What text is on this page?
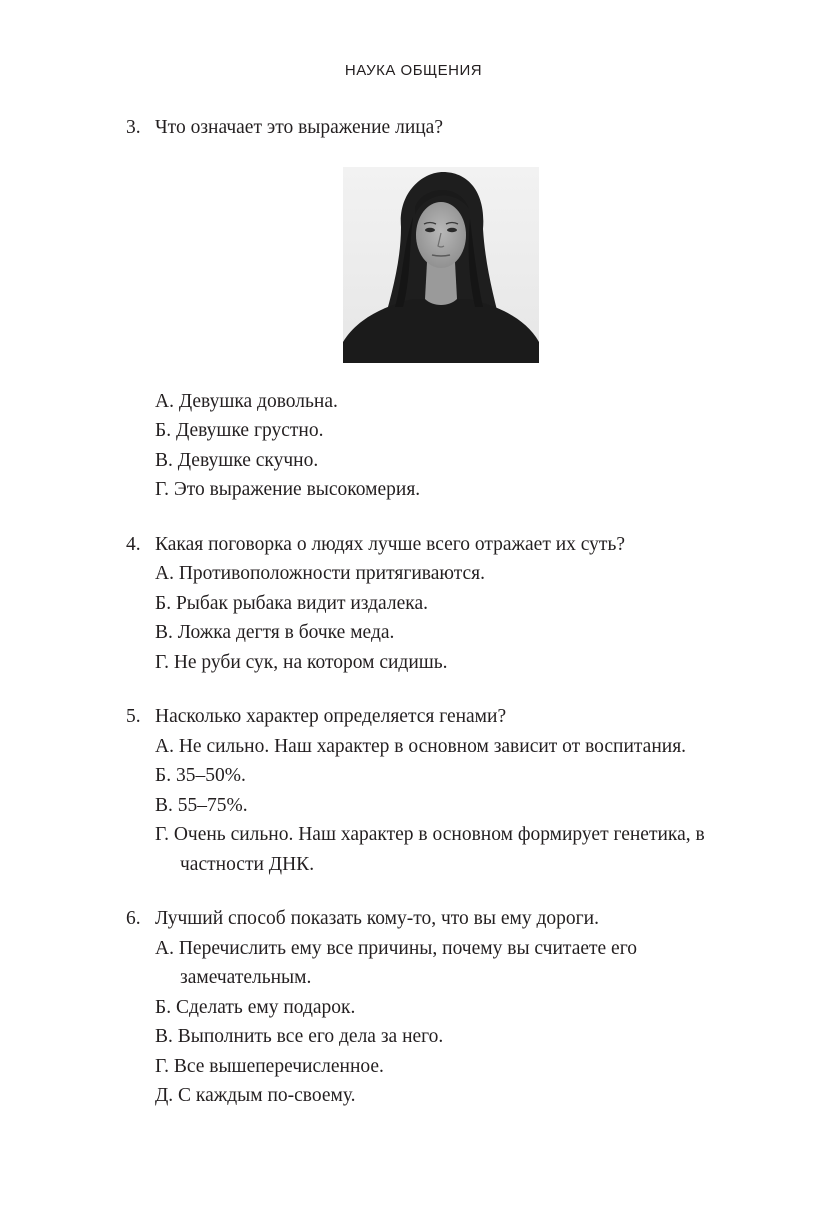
НАУКА ОБЩЕНИЯ
3. Что означает это выражение лица?
А. Девушка довольна.
Б. Девушке грустно.
В. Девушке скучно.
Г. Это выражение высокомерия.
4. Какая поговорка о людях лучше всего отражает их суть?
А. Противоположности притягиваются.
Б. Рыбак рыбака видит издалека.
В. Ложка дегтя в бочке меда.
Г. Не руби сук, на котором сидишь.
5. Насколько характер определяется генами?
А. Не сильно. Наш характер в основном зависит от воспитания.
Б. 35–50%.
В. 55–75%.
Г. Очень сильно. Наш характер в основном формирует генетика, в частности ДНК.
6. Лучший способ показать кому-то, что вы ему дороги.
А. Перечислить ему все причины, почему вы считаете его замечательным.
Б. Сделать ему подарок.
В. Выполнить все его дела за него.
Г. Все вышеперечисленное.
Д. С каждым по-своему.
